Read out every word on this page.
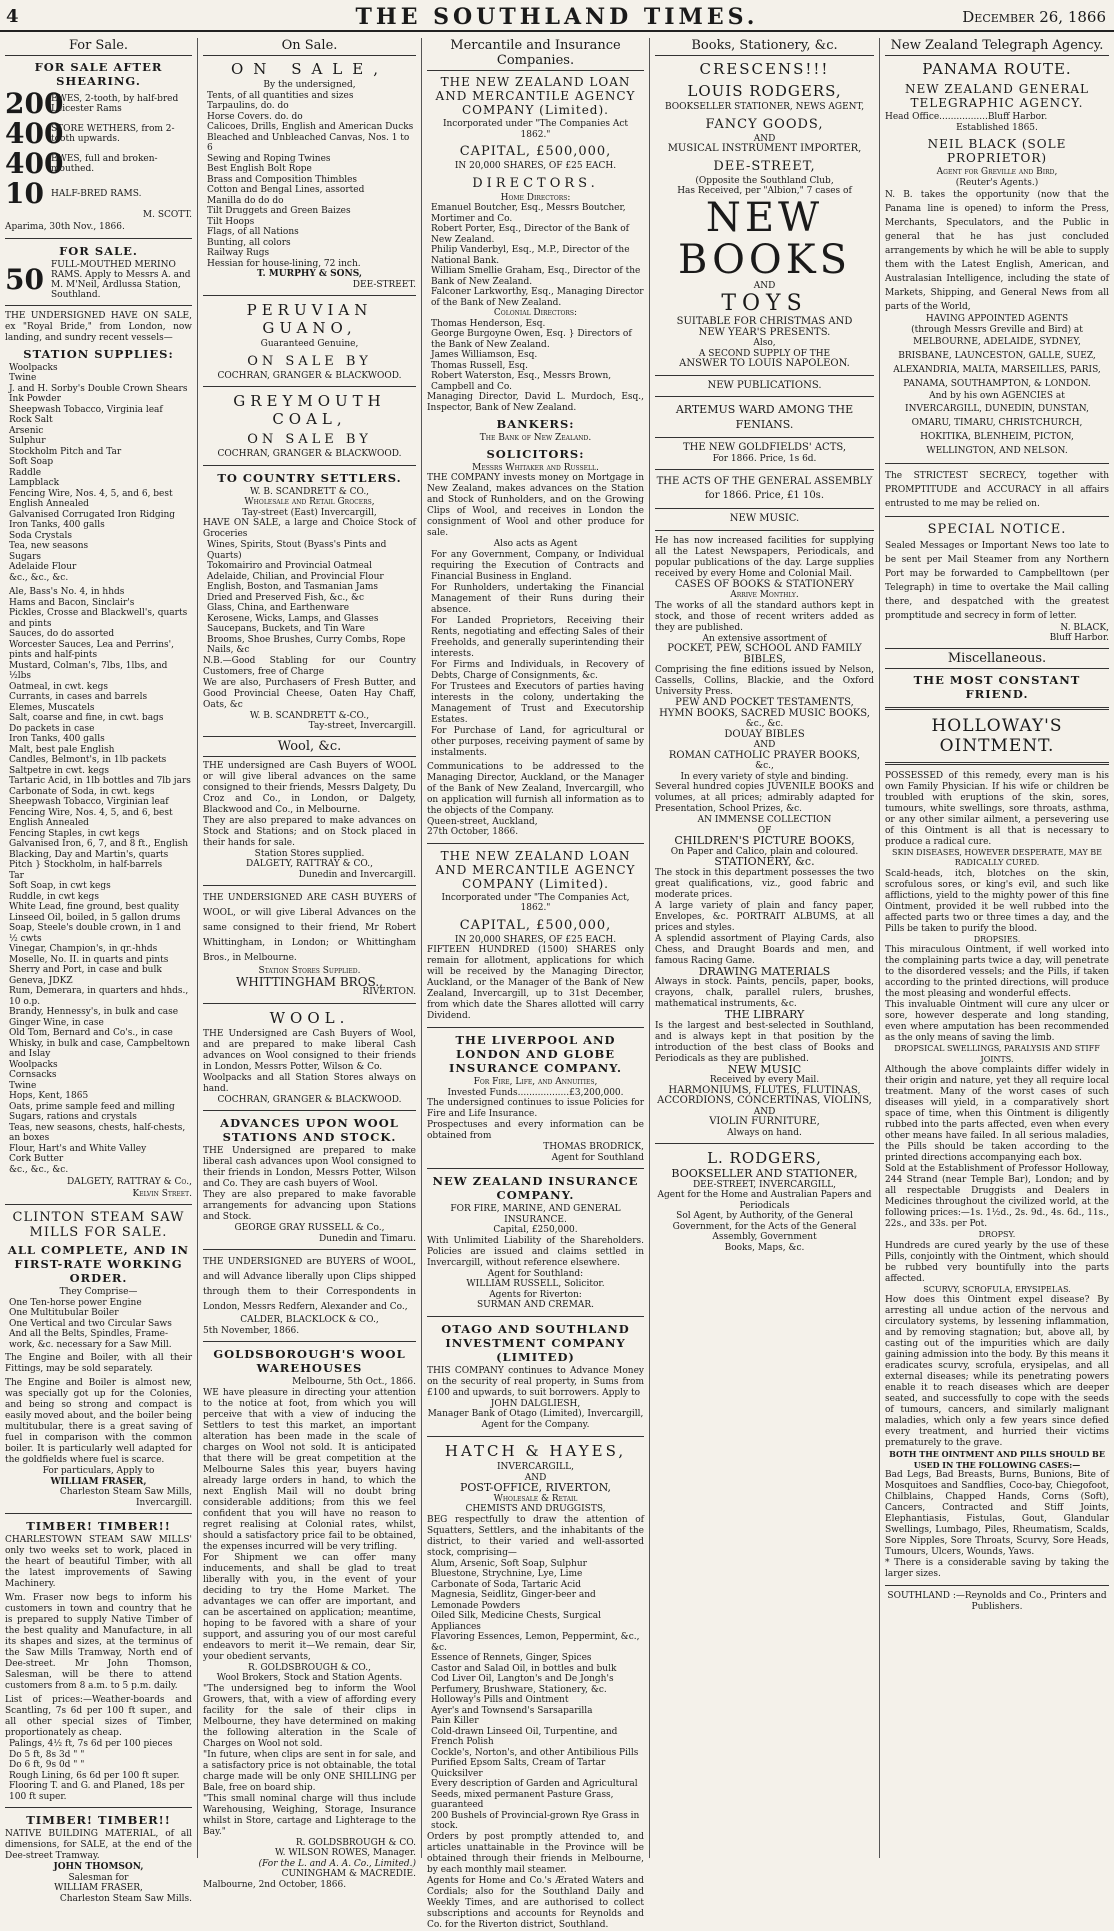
4	THE SOUTHLAND TIMES.	December 26, 1866
For Sale.
FOR SALE AFTER SHEARING.
200
EWES, 2-tooth, by half-bred Leicester Rams
400
STORE WETHERS, from 2-tooth upwards.
400
EWES, full and broken-mouthed.
10 HALF-BRED RAMS.
M. SCOTT.
Aparima, 30th Nov., 1866.
FOR SALE.
50 FULL-MOUTHED MERINO RAMS. Apply to Messrs A. and M. M'Neil, Ardlussa Station, Southland.
THE UNDERSIGNED HAVE ON SALE, ex "Royal Bride," from London, now landing, and sundry recent vessels—
STATION SUPPLIES:
Woolpacks
Twine
J. and H. Sorby's Double Crown Shears
Ink Powder
Sheepwash Tobacco, Virginia leaf
Rock Salt
Arsenic
Sulphur
Stockholm Pitch and Tar
Soft Soap
Raddle
Lampblack
Fencing Wire, Nos. 4, 5, and 6, best English Annealed
Galvanised Corrugated Iron Ridging
Iron Tanks, 400 galls
Soda Crystals
Tea, new seasons
Sugars
Adelaide Flour
&c., &c., &c.
Ale, Bass's No. 4, in hhds
Hams and Bacon, Sinclair's
Pickles, Crosse and Blackwell's, quarts and pints
Sauces, do do assorted
Worcester Sauces, Lea and Perrins', pints and half-pints
Mustard, Colman's, 7lbs, 1lbs, and ½lbs
Oatmeal, in cwt. kegs
Currants, in cases and barrels
Elemes, Muscatels
Salt, coarse and fine, in cwt. bags
Do packets in case
Iron Tanks, 400 galls
Malt, best pale English
Candles, Belmont's, in 1lb packets
Saltpetre in cwt. kegs
Tartaric Acid, in 1lb bottles and 7lb jars
Carbonate of Soda, in cwt. kegs
Sheepwash Tobacco, Virginian leaf
Fencing Wire, Nos. 4, 5, and 6, best English Annealed
Fencing Staples, in cwt kegs
Galvanised Iron, 6, 7, and 8 ft., English
Blacking, Day and Martin's, quarts
Pitch } Stockholm, in half-barrels
Tar
Soft Soap, in cwt kegs
Ruddle, in cwt kegs
White Lead, fine ground, best quality
Linseed Oil, boiled, in 5 gallon drums
Soap, Steele's double crown, in 1 and ½ cwts
Vinegar, Champion's, in qr.-hhds
Moselle, No. II. in quarts and pints
Sherry and Port, in case and bulk
Geneva, JDKZ
Rum, Demerara, in quarters and hhds., 10 o.p.
Brandy, Hennessy's, in bulk and case
Ginger Wine, in case
Old Tom, Bernard and Co's., in case
Whisky, in bulk and case, Campbeltown and Islay
Woolpacks
Cornsacks
Twine
Hops, Kent, 1865
Oats, prime sample feed and milling
Sugars, rations and crystals
Teas, new seasons, chests, half-chests, an boxes
Flour, Hart's and White Valley
Cork Butter
&c., &c., &c.
DALGETY, RATTRAY & Co.,
Kelvin Street.
CLINTON STEAM SAW MILLS FOR SALE.
ALL COMPLETE, AND IN FIRST-RATE WORKING ORDER.
They Comprise—
One Ten-horse power Engine
One Multitubular Boiler
One Vertical and two Circular Saws
And all the Belts, Spindles, Frame-work, &c. necessary for a Saw Mill.
The Engine and Boiler, with all their Fittings, may be sold separately.
The Engine and Boiler is almost new, was specially got up for the Colonies, and being so strong and compact is easily moved about, and the boiler being multitubular, there is a great saving of fuel in comparison with the common boiler. It is particularly well adapted for the goldfields where fuel is scarce.
For particulars, Apply to
WILLIAM FRASER,
Charleston Steam Saw Mills, Invercargill.
TIMBER! TIMBER!!
CHARLESTOWN STEAM SAW MILLS' only two weeks set to work, placed in the heart of beautiful Timber, with all the latest improvements of Sawing Machinery.
Wm. Fraser now begs to inform his customers in town and country that he is prepared to supply Native Timber of the best quality and Manufacture, in all its shapes and sizes, at the terminus of the Saw Mills Tramway, North end of Dee-street. Mr John Thomson, Salesman, will be there to attend customers from 8 a.m. to 5 p.m. daily.
List of prices:—Weather-boards and Scantling, 7s 6d per 100 ft super., and all other special sizes of Timber, proportionately as cheap.
Palings, 4½ ft, 7s 6d per 100 pieces
Do 5 ft, 8s 3d " "
Do 6 ft, 9s 0d " "
Rough Lining, 6s 6d per 100 ft super.
Flooring T. and G. and Planed, 18s per 100 ft super.
TIMBER! TIMBER!!
NATIVE BUILDING MATERIAL, of all dimensions, for SALE, at the end of the Dee-street Tramway.
JOHN THOMSON,
Salesman for
WILLIAM FRASER,
Charleston Steam Saw Mills.
On Sale.
ON SALE,
By the undersigned,
Tents, of all quantities and sizes
Tarpaulins, do. do
Horse Covers. do. do
Calicoes, Drills, English and American Ducks
Bleached and Unbleached Canvas, Nos. 1 to 6
Sewing and Roping Twines
Best English Bolt Rope
Brass and Composition Thimbles
Cotton and Bengal Lines, assorted
Manilla do do do
Tilt Druggets and Green Baizes
Tilt Hoops
Flags, of all Nations
Bunting, all colors
Railway Rugs
Hessian for house-lining, 72 inch.
T. MURPHY & SONS,
DEE-STREET.
PERUVIAN GUANO,
Guaranteed Genuine,
ON SALE BY
COCHRAN, GRANGER & BLACKWOOD.
GREYMOUTH COAL,
ON SALE BY
COCHRAN, GRANGER & BLACKWOOD.
TO COUNTRY SETTLERS.
W. B. SCANDRETT & CO.,
Wholesale and Retail Grocers,
Tay-street (East) Invercargill,
HAVE ON SALE, a large and Choice Stock of Groceries
Wines, Spirits, Stout (Byass's Pints and Quarts)
Tokomairiro and Provincial Oatmeal
Adelaide, Chilian, and Provincial Flour
English, Boston, and Tasmanian Jams
Dried and Preserved Fish, &c., &c
Glass, China, and Earthenware
Kerosene, Wicks, Lamps, and Glasses
Saucepans, Buckets, and Tin Ware
Brooms, Shoe Brushes, Curry Combs, Rope Nails, &c
N.B.—Good Stabling for our Country Customers, free of Charge
We are also, Purchasers of Fresh Butter, and Good Provincial Cheese, Oaten Hay Chaff, Oats, &c
W. B. SCANDRETT &-CO.,
Tay-street, Invercargill.
Wool, &c.
THE undersigned are Cash Buyers of WOOL or will give liberal advances on the same consigned to their friends, Messrs Dalgety, Du Croz and Co., in London, or Dalgety, Blackwood and Co., in Melbourne.
They are also prepared to make advances on Stock and Stations; and on Stock placed in their hands for sale.
Station Stores supplied.
DALGETY, RATTRAY & CO.,
Dunedin and Invercargill.
THE UNDERSIGNED ARE CASH BUYERS of WOOL, or will give Liberal Advances on the same consigned to their friend, Mr Robert Whittingham, in London; or Whittingham Bros., in Melbourne.
Station Stores Supplied.
WHITTINGHAM BROS.,
RIVERTON.
WOOL.
THE Undersigned are Cash Buyers of Wool, and are prepared to make liberal Cash advances on Wool consigned to their friends in London, Messrs Potter, Wilson & Co.
Woolpacks and all Station Stores always on hand.
COCHRAN, GRANGER & BLACKWOOD.
ADVANCES UPON WOOL STATIONS AND STOCK.
THE Undersigned are prepared to make liberal cash advances upon Wool consigned to their friends in London, Messrs Potter, Wilson and Co. They are cash buyers of Wool.
They are also prepared to make favorable arrangements for advancing upon Stations and Stock.
GEORGE GRAY RUSSELL & Co.,
Dunedin and Timaru.
THE UNDERSIGNED are BUYERS of WOOL, and will Advance liberally upon Clips shipped through them to their Correspondents in London, Messrs Redfern, Alexander and Co.,
CALDER, BLACKLOCK & CO.,
5th November, 1866.
GOLDSBOROUGH'S WOOL WAREHOUSES
Melbourne, 5th Oct., 1866.
WE have pleasure in directing your attention to the notice at foot, from which you will perceive that with a view of inducing the Settlers to test this market, an important alteration has been made in the scale of charges on Wool not sold. It is anticipated that there will be great competition at the Melbourne Sales this year, buyers having already large orders in hand, to which the next English Mail will no doubt bring considerable additions; from this we feel confident that you will have no reason to regret realising at Colonial rates, whilst, should a satisfactory price fail to be obtained, the expenses incurred will be very trifling.
For Shipment we can offer many inducements, and shall be glad to treat liberally with you, in the event of your deciding to try the Home Market. The advantages we can offer are important, and can be ascertained on application; meantime, hoping to be favored with a share of your support, and assuring you of our most careful endeavors to merit it—We remain, dear Sir, your obedient servants,
R. GOLDSBROUGH & CO.,
Wool Brokers, Stock and Station Agents.
"The undersigned beg to inform the Wool Growers, that, with a view of affording every facility for the sale of their clips in Melbourne, they have determined on making the following alteration in the Scale of Charges on Wool not sold.
"In future, when clips are sent in for sale, and a satisfactory price is not obtainable, the total charge made will be only ONE SHILLING per Bale, free on board ship.
"This small nominal charge will thus include Warehousing, Weighing, Storage, Insurance whilst in Store, cartage and Lighterage to the Bay."
R. GOLDSBROUGH & CO.
W. WILSON ROWES, Manager.
(For the L. and A. A. Co., Limited.)
CUNINGHAM & MACREDIE.
Malbourne, 2nd October, 1866.
Mercantile and Insurance Companies.
THE NEW ZEALAND LOAN AND MERCANTILE AGENCY COMPANY (Limited).
Incorporated under "The Companies Act 1862."
CAPITAL, £500,000,
IN 20,000 SHARES, OF £25 EACH.
DIRECTORS.
Home Directors:
Emanuel Boutcher, Esq., Messrs Boutcher, Mortimer and Co.
Robert Porter, Esq., Director of the Bank of New Zealand.
Philip Vanderbyl, Esq., M.P., Director of the National Bank.
William Smellie Graham, Esq., Director of the Bank of New Zealand.
Falconer Larkworthy, Esq., Managing Director of the Bank of New Zealand.
Colonial Directors:
Thomas Henderson, Esq.
George Burgoyne Owen, Esq. } Directors of the Bank of New Zealand.
James Williamson, Esq.
Thomas Russell, Esq.
Robert Waterston, Esq., Messrs Brown, Campbell and Co.
Managing Director, David L. Murdoch, Esq., Inspector, Bank of New Zealand.
BANKERS:
The Bank of New Zealand.
SOLICITORS:
Messrs Whitaker and Russell.
THE COMPANY invests money on Mortgage in New Zealand, makes advances on the Station and Stock of Runholders, and on the Growing Clips of Wool, and receives in London the consignment of Wool and other produce for sale.
Also acts as Agent
For any Government, Company, or Individual requiring the Execution of Contracts and Financial Business in England.
For Runholders, undertaking the Financial Management of their Runs during their absence.
For Landed Proprietors, Receiving their Rents, negotiating and effecting Sales of their Freeholds, and generally superintending their interests.
For Firms and Individuals, in Recovery of Debts, Charge of Consignments, &c.
For Trustees and Executors of parties having interests in the colony, undertaking the Management of Trust and Executorship Estates.
For Purchase of Land, for agricultural or other purposes, receiving payment of same by instalments.
Communications to be addressed to the Managing Director, Auckland, or the Manager of the Bank of New Zealand, Invercargill, who on application will furnish all information as to the objects of the Company.
Queen-street, Auckland,
27th October, 1866.
THE NEW ZEALAND LOAN AND MERCANTILE AGENCY COMPANY (Limited).
Incorporated under "The Companies Act, 1862."
CAPITAL, £500,000,
IN 20,000 SHARES, OF £25 EACH.
FIFTEEN HUNDRED (1500) SHARES only remain for allotment, applications for which will be received by the Managing Director, Auckland, or the Manager of the Bank of New Zealand, Invercargill, up to 31st December, from which date the Shares allotted will carry Dividend.
THE LIVERPOOL AND LONDON AND GLOBE INSURANCE COMPANY.
For Fire, Life, and Annuities,
Invested Funds..................£3,200,000.
The undersigned continues to issue Policies for Fire and Life Insurance.
Prospectuses and every information can be obtained from
THOMAS BRODRICK,
Agent for Southland
NEW ZEALAND INSURANCE COMPANY.
FOR FIRE, MARINE, AND GENERAL INSURANCE.
Capital, £250,000.
With Unlimited Liability of the Shareholders. Policies are issued and claims settled in Invercargill, without reference elsewhere.
Agent for Southland:
WILLIAM RUSSELL, Solicitor.
Agents for Riverton:
SURMAN AND CREMAR.
OTAGO AND SOUTHLAND INVESTMENT COMPANY (LIMITED)
THIS COMPANY continues to Advance Money on the security of real property, in Sums from £100 and upwards, to suit borrowers. Apply to
JOHN DALGLIESH,
Manager Bank of Otago (Limited), Invercargill, Agent for the Company.
HATCH & HAYES,
INVERCARGILL,
AND
POST-OFFICE, RIVERTON,
Wholesale & Retail
CHEMISTS AND DRUGGISTS,
BEG respectfully to draw the attention of Squatters, Settlers, and the inhabitants of the district, to their varied and well-assorted stock, comprising—
Alum, Arsenic, Soft Soap, Sulphur
Bluestone, Strychnine, Lye, Lime
Carbonate of Soda, Tartaric Acid
Magnesia, Seidlitz, Ginger-beer and Lemonade Powders
Oiled Silk, Medicine Chests, Surgical Appliances
Flavoring Essences, Lemon, Peppermint, &c., &c.
Essence of Rennets, Ginger, Spices
Castor and Salad Oil, in bottles and bulk
Cod Liver Oil, Langton's and De Jongh's
Perfumery, Brushware, Stationery, &c.
Holloway's Pills and Ointment
Ayer's and Townsend's Sarsaparilla
Pain Killer
Cold-drawn Linseed Oil, Turpentine, and French Polish
Cockle's, Norton's, and other Antibilious Pills
Purified Epsom Salts, Cream of Tartar Quicksilver
Every description of Garden and Agricultural Seeds, mixed permanent Pasture Grass, guaranteed
200 Bushels of Provincial-grown Rye Grass in stock.
Orders by post promptly attended to, and articles unattainable in the Province will be obtained through their friends in Melbourne, by each monthly mail steamer.
Agents for Home and Co.'s Ærated Waters and Cordials; also for the Southland Daily and Weekly Times, and are authorised to collect subscriptions and accounts for Reynolds and Co. for the Riverton district, Southland.
Books, Stationery, &c.
CRESCENS!!!
LOUIS RODGERS,
BOOKSELLER STATIONER, NEWS AGENT,
FANCY GOODS,
AND
MUSICAL INSTRUMENT IMPORTER,
DEE-STREET,
(Opposite the Southland Club,
Has Received, per "Albion," 7 cases of
NEW BOOKS
AND
TOYS
SUITABLE FOR CHRISTMAS AND
NEW YEAR'S PRESENTS.
Also,
A SECOND SUPPLY OF THE
ANSWER TO LOUIS NAPOLEON.
NEW PUBLICATIONS.
ARTEMUS WARD AMONG THE FENIANS.
THE NEW GOLDFIELDS' ACTS,
For 1866. Price, 1s 6d.
THE ACTS OF THE GENERAL ASSEMBLY for 1866. Price, £1 10s.
NEW MUSIC.
He has now increased facilities for supplying all the Latest Newspapers, Periodicals, and popular publications of the day. Large supplies received by every Home and Colonial Mail.
CASES OF BOOKS & STATIONERY
Arrive Monthly.
The works of all the standard authors kept in stock, and those of recent writers added as they are published.
An extensive assortment of
POCKET, PEW, SCHOOL AND FAMILY BIBLES,
Comprising the fine editions issued by Nelson, Cassells, Collins, Blackie, and the Oxford University Press.
PEW AND POCKET TESTAMENTS,
HYMN BOOKS, SACRED MUSIC BOOKS,
&c., &c.
DOUAY BIBLES
AND
ROMAN CATHOLIC PRAYER BOOKS,
&c.,
In every variety of style and binding.
Several hundred copies JUVENILE BOOKS and volumes, at all prices; admirably adapted for Presentation, School Prizes, &c.
AN IMMENSE COLLECTION
OF
CHILDREN'S PICTURE BOOKS,
On Paper and Calico, plain and coloured.
STATIONERY, &c.
The stock in this department possesses the two great qualifications, viz., good fabric and moderate prices.
A large variety of plain and fancy paper, Envelopes, &c. PORTRAIT ALBUMS, at all prices and styles.
A splendid assortment of Playing Cards, also Chess, and Draught Boards and men, and famous Racing Game.
DRAWING MATERIALS
Always in stock. Paints, pencils, paper, books, crayons, chalk, parallel rulers, brushes, mathematical instruments, &c.
THE LIBRARY
Is the largest and best-selected in Southland, and is always kept in that position by the introduction of the best class of Books and Periodicals as they are published.
NEW MUSIC
Received by every Mail.
HARMONIUMS, FLUTES, FLUTINAS,
ACCORDIONS, CONCERTINAS, VIOLINS,
AND
VIOLIN FURNITURE,
Always on hand.
L. RODGERS,
BOOKSELLER AND STATIONER,
DEE-STREET, INVERCARGILL,
Agent for the Home and Australian Papers and Periodicals
Sol Agent, by Authority, of the General Government, for the Acts of the General Assembly, Government
Books, Maps, &c.
New Zealand Telegraph Agency.
PANAMA ROUTE.
NEW ZEALAND GENERAL TELEGRAPHIC AGENCY.
Head Office.................Bluff Harbor.
Established 1865.
NEIL BLACK (SOLE PROPRIETOR)
Agent for Greville and Bird,
(Reuter's Agents.)
N. B. takes the opportunity (now that the Panama line is opened) to inform the Press, Merchants, Speculators, and the Public in general that he has just concluded arrangements by which he will be able to supply them with the Latest English, American, and Australasian Intelligence, including the state of Markets, Shipping, and General News from all parts of the World,
HAVING APPOINTED AGENTS
(through Messrs Greville and Bird) at
MELBOURNE, ADELAIDE, SYDNEY, BRISBANE, LAUNCESTON, GALLE, SUEZ, ALEXANDRIA, MALTA, MARSEILLES, PARIS, PANAMA, SOUTHAMPTON, & LONDON.
And by his own AGENCIES at
INVERCARGILL, DUNEDIN, DUNSTAN, OMARU, TIMARU, CHRISTCHURCH, HOKITIKA, BLENHEIM, PICTON, WELLINGTON, AND NELSON.
The STRICTEST SECRECY, together with PROMPTITUDE and ACCURACY in all affairs entrusted to me may be relied on.
SPECIAL NOTICE.
Sealed Messages or Important News too late to be sent per Mail Steamer from any Northern Port may be forwarded to Campbelltown (per Telegraph) in time to overtake the Mail calling there, and despatched with the greatest promptitude and secrecy in form of letter.
N. BLACK,
Bluff Harbor.
Miscellaneous.
THE MOST CONSTANT FRIEND.
HOLLOWAY'S OINTMENT.
POSSESSED of this remedy, every man is his own Family Physician. If his wife or children be troubled with eruptions of the skin, sores, tumours, white swellings, sore throats, asthma, or any other similar ailment, a persevering use of this Ointment is all that is necessary to produce a radical cure.
SKIN DISEASES, HOWEVER DESPERATE, MAY BE RADICALLY CURED.
Scald-heads, itch, blotches on the skin, scrofulous sores, or king's evil, and such like afflictions, yield to the mighty power of this fine Ointment, provided it be well rubbed into the affected parts two or three times a day, and the Pills be taken to purify the blood.
DROPSIES.
This miraculous Ointment, if well worked into the complaining parts twice a day, will penetrate to the disordered vessels; and the Pills, if taken according to the printed directions, will produce the most pleasing and wonderful effects.
This invaluable Ointment will cure any ulcer or sore, however desperate and long standing, even where amputation has been recommended as the only means of saving the limb.
DROPSICAL SWELLINGS, PARALYSIS AND STIFF JOINTS.
Although the above complaints differ widely in their origin and nature, yet they all require local treatment. Many of the worst cases of such diseases will yield, in a comparatively short space of time, when this Ointment is diligently rubbed into the parts affected, even when every other means have failed. In all serious maladies, the Pills should be taken according to the printed directions accompanying each box.
Sold at the Establishment of Professor Holloway, 244 Strand (near Temple Bar), London; and by all respectable Druggists and Dealers in Medicines throughout the civilized world, at the following prices:—1s. 1½d., 2s. 9d., 4s. 6d., 11s., 22s., and 33s. per Pot.
DROPSY.
Hundreds are cured yearly by the use of these Pills, conjointly with the Ointment, which should be rubbed very bountifully into the parts affected.
SCURVY, SCROFULA, ERYSIPELAS.
How does this Ointment expel disease? By arresting all undue action of the nervous and circulatory systems, by lessening inflammation, and by removing stagnation; but, above all, by casting out of the impurities which are daily gaining admission into the body. By this means it eradicates scurvy, scrofula, erysipelas, and all external diseases; while its penetrating powers enable it to reach diseases which are deeper seated, and successfully to cope with the seeds of tumours, cancers, and similarly malignant maladies, which only a few years since defied every treatment, and hurried their victims prematurely to the grave.
BOTH THE OINTMENT AND PILLS SHOULD BE USED IN THE FOLLOWING CASES:—
Bad Legs, Bad Breasts, Burns, Bunions, Bite of Mosquitoes and Sandflies, Coco-bay, Chiegofoot, Chilblains, Chapped Hands, Corns (Soft), Cancers, Contracted and Stiff Joints, Elephantiasis, Fistulas, Gout, Glandular Swellings, Lumbago, Piles, Rheumatism, Scalds, Sore Nipples, Sore Throats, Scurvy, Sore Heads, Tumours, Ulcers, Wounds, Yaws.
* There is a considerable saving by taking the larger sizes.
SOUTHLAND :—Reynolds and Co., Printers and Publishers.
